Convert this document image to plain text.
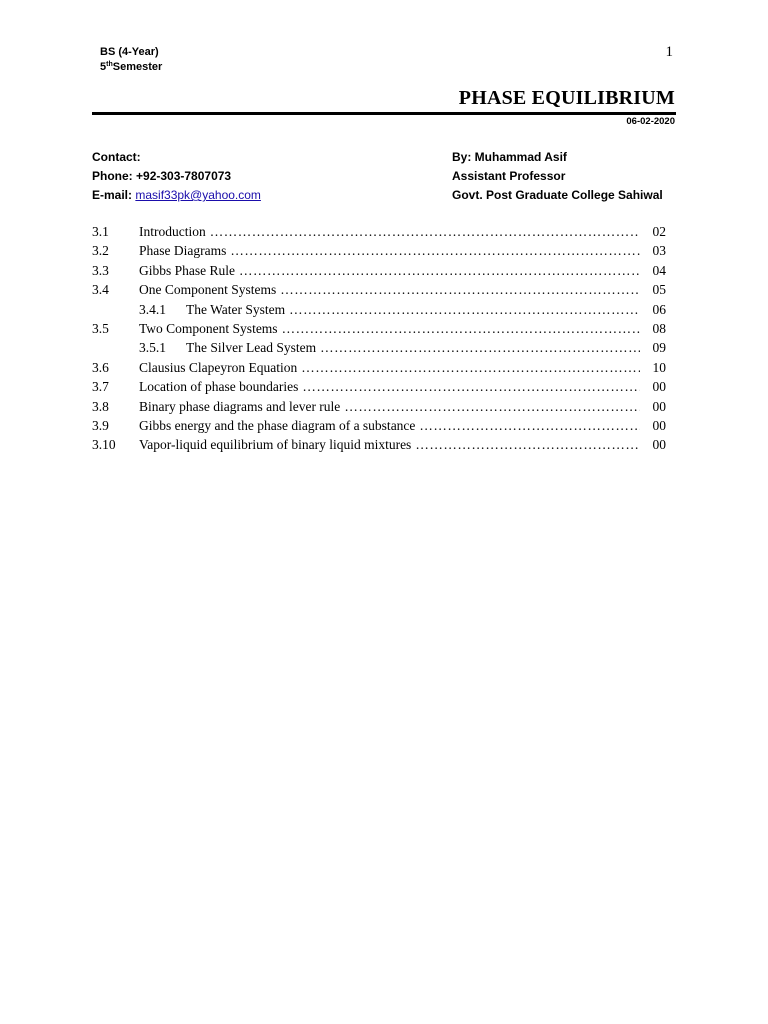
BS (4-Year)
5thSemester
1
PHASE EQUILIBRIUM
06-02-2020
Contact:
Phone: +92-303-7807073
E-mail: masif33pk@yahoo.com
By: Muhammad Asif
Assistant Professor
Govt. Post Graduate College Sahiwal
3.1	Introduction …………………………………………………………………………………………………………………………………………………………………………………………	02
3.2	Phase Diagrams …………………………………………………………………………………………………………………………………………………………………………………………	03
3.3	Gibbs Phase Rule …………………………………………………………………………………………………………………………………………………………………………………………	04
3.4	One Component Systems …………………………………………………………………………………………………………………………………………………………………………………………	05
3.4.1	The Water System …………………………………………………………………………………………………………………………………………………………………………………………	06
3.5	Two Component Systems …………………………………………………………………………………………………………………………………………………………………………………………	08
3.5.1	The Silver Lead System …………………………………………………………………………………………………………………………………………………………………………………………	09
3.6	Clausius Clapeyron Equation …………………………………………………………………………………………………………………………………………………………………………………………	10
3.7	Location of phase boundaries …………………………………………………………………………………………………………………………………………………………………………………………	00
3.8	Binary phase diagrams and lever rule …………………………………………………………………………………………………………………………………………………………………………………………	00
3.9	Gibbs energy and the phase diagram of a substance …………………………………………………………………………………………………………………………………………………………………………………………	00
3.10	Vapor-liquid equilibrium of binary liquid mixtures …………………………………………………………………………………………………………………………………………………………………………………………	00
